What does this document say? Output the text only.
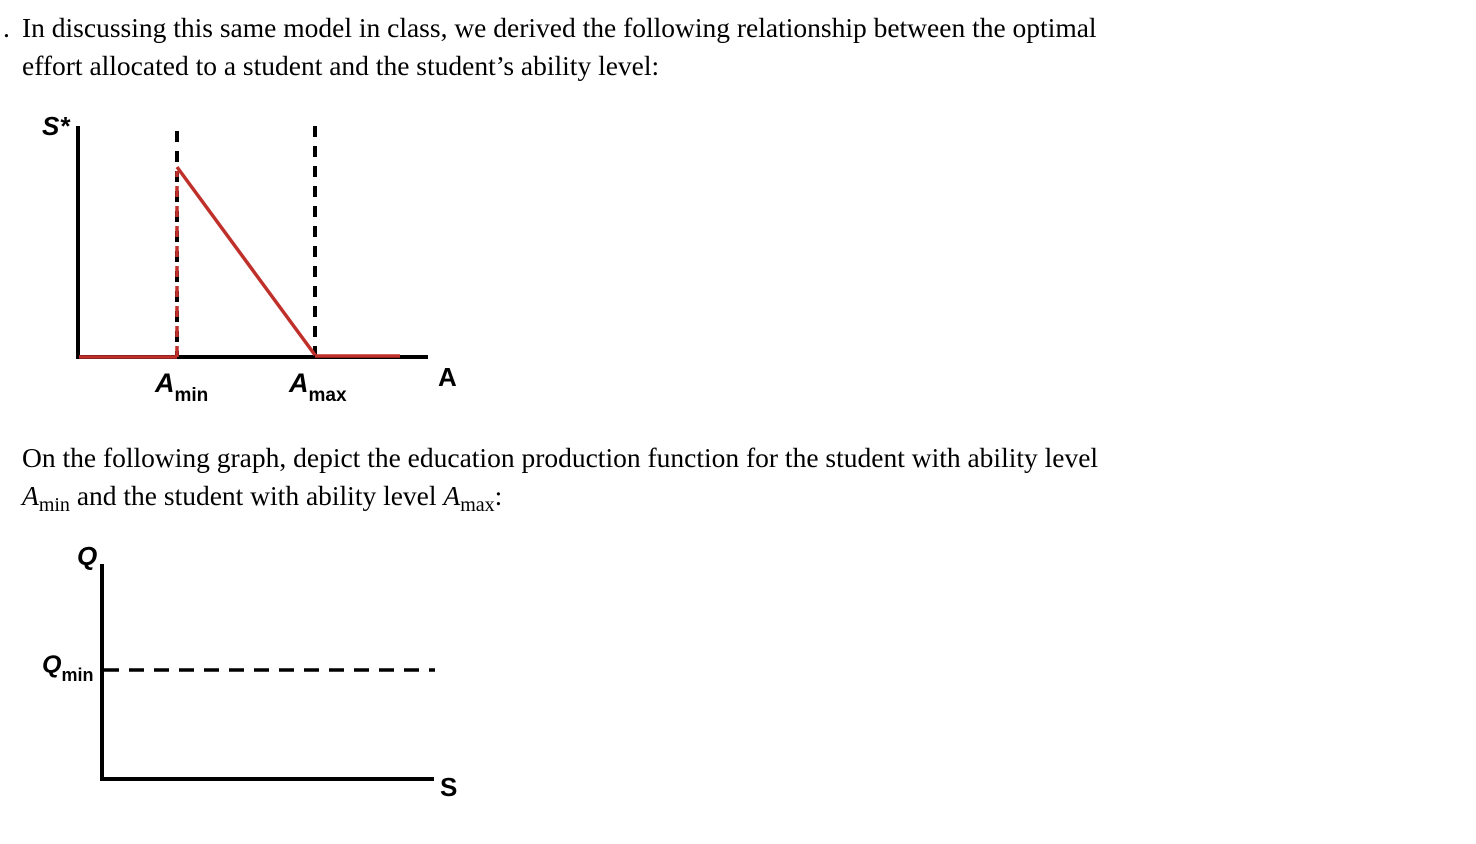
. In discussing this same model in class, we derived the following relationship between the optimal
effort allocated to a student and the student’s ability level:
S*
A
$A_{min}$	$A_{max}$
On the following graph, depict the education production function for the student with ability level
$A_{min}$ and the student with ability level $A_{max}$:
Q
S
$Q_{min}$
